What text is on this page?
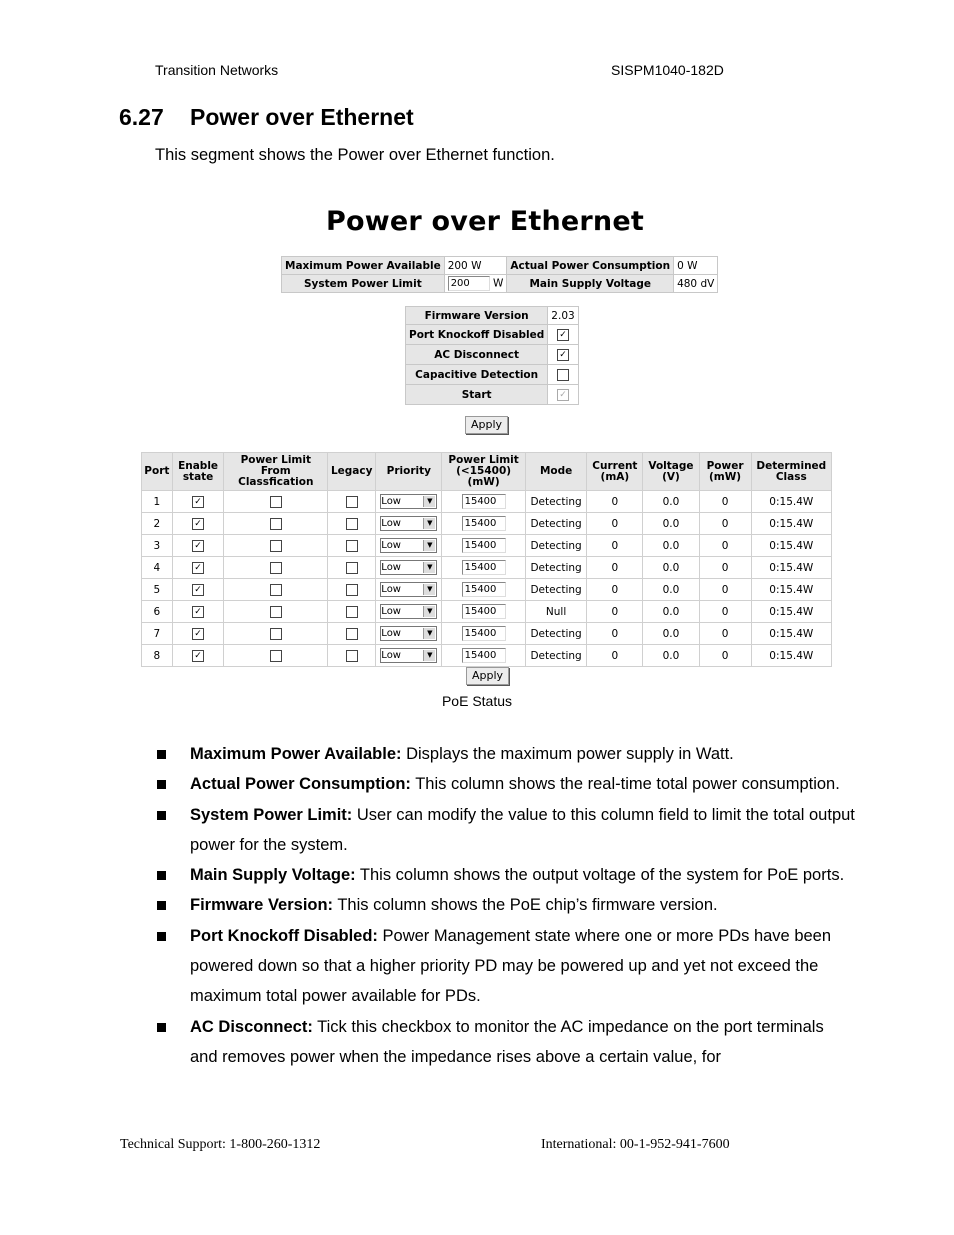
Transition Networks	SISPM1040-182D
6.27 Power over Ethernet
This segment shows the Power over Ethernet function.
Power over Ethernet
Maximum Power Available	200 W	Actual Power Consumption	0 W
System Power Limit	200 W	Main Supply Voltage	480 dV
Firmware Version	2.03
Port Knockoff Disabled	✓
AC Disconnect	✓
Capacitive Detection	
Start	✓
Apply
Port	Enable state	Power Limit From Classfication	Legacy	Priority	Power Limit (<15400) (mW)	Mode	Current (mA)	Voltage (V)	Power (mW)	Determined Class
1	✓			Low ▼	15400	Detecting	0	0.0	0	0:15.4W
2	✓			Low ▼	15400	Detecting	0	0.0	0	0:15.4W
3	✓			Low ▼	15400	Detecting	0	0.0	0	0:15.4W
4	✓			Low ▼	15400	Detecting	0	0.0	0	0:15.4W
5	✓			Low ▼	15400	Detecting	0	0.0	0	0:15.4W
6	✓			Low ▼	15400	Null	0	0.0	0	0:15.4W
7	✓			Low ▼	15400	Detecting	0	0.0	0	0:15.4W
8	✓			Low ▼	15400	Detecting	0	0.0	0	0:15.4W
Apply
PoE Status
Maximum Power Available: Displays the maximum power supply in Watt.
Actual Power Consumption: This column shows the real-time total power consumption.
System Power Limit: User can modify the value to this column field to limit the total output power for the system.
Main Supply Voltage: This column shows the output voltage of the system for PoE ports.
Firmware Version: This column shows the PoE chip’s firmware version.
Port Knockoff Disabled: Power Management state where one or more PDs have been powered down so that a higher priority PD may be powered up and yet not exceed the maximum total power available for PDs.
AC Disconnect: Tick this checkbox to monitor the AC impedance on the port terminals and removes power when the impedance rises above a certain value, for
Technical Support: 1-800-260-1312	International: 00-1-952-941-7600
